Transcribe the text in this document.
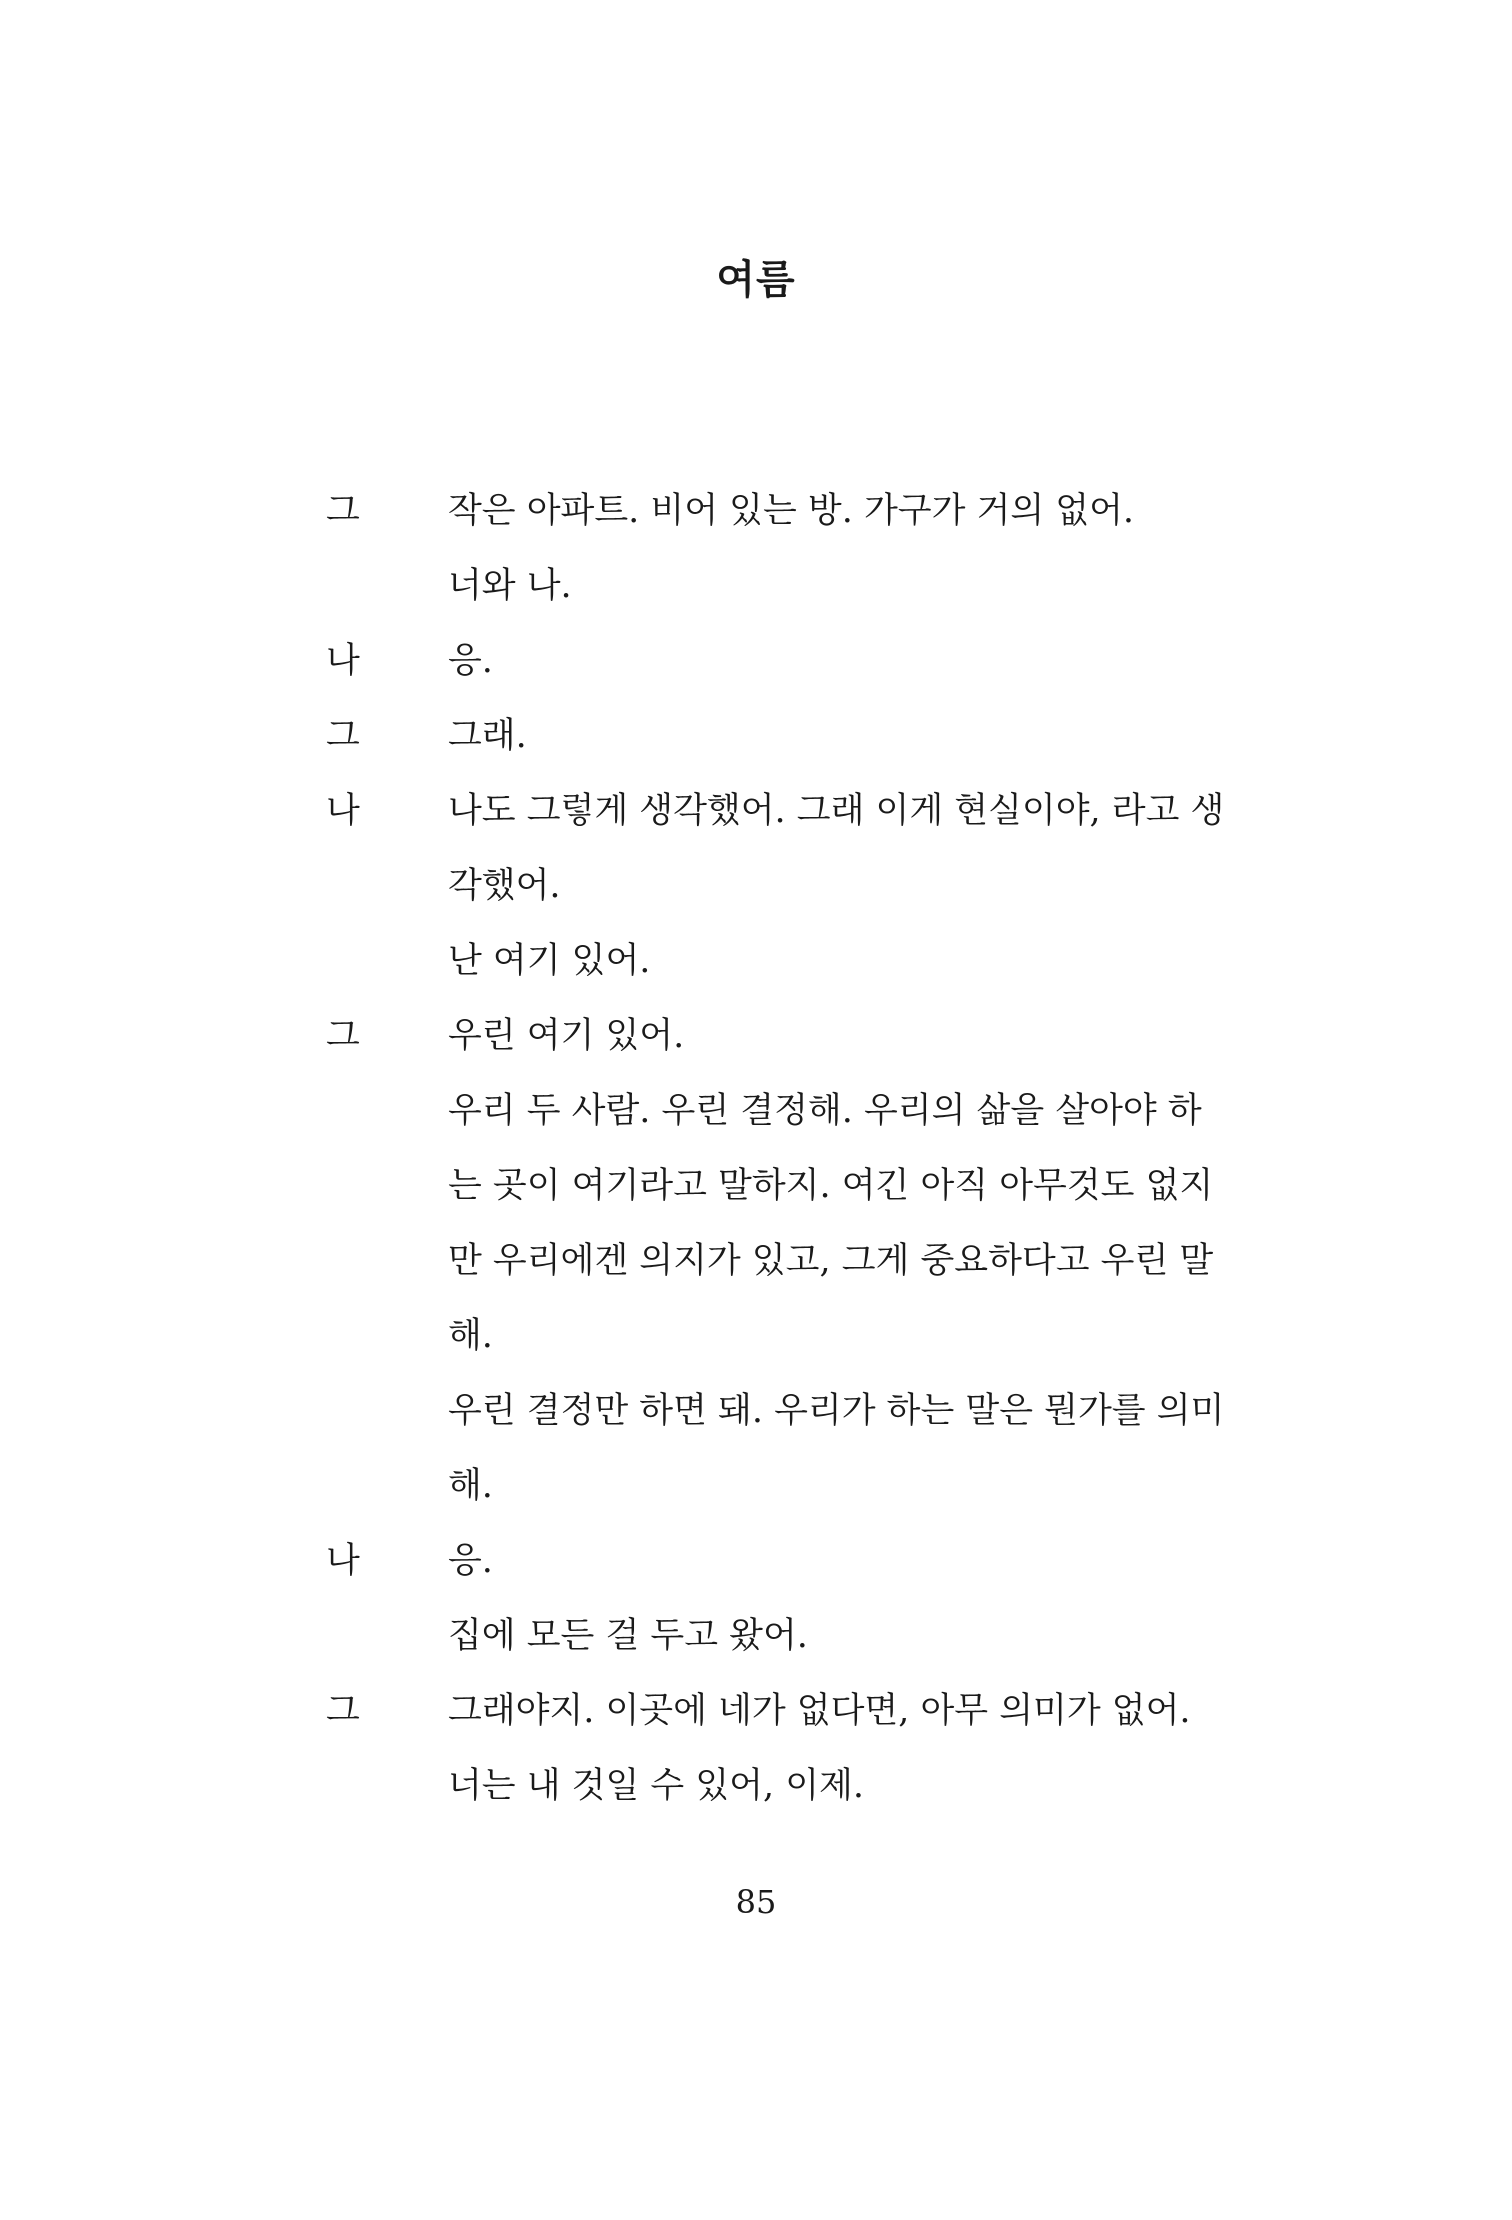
여름
그	작은 아파트. 비어 있는 방. 가구가 거의 없어.
너와 나.
나	응.
그	그래.
나	나도 그렇게 생각했어. 그래 이게 현실이야, 라고 생
각했어.
난 여기 있어.
그	우린 여기 있어.
우리 두 사람. 우린 결정해. 우리의 삶을 살아야 하
는 곳이 여기라고 말하지. 여긴 아직 아무것도 없지
만 우리에겐 의지가 있고, 그게 중요하다고 우린 말
해.
우린 결정만 하면 돼. 우리가 하는 말은 뭔가를 의미
해.
나	응.
집에 모든 걸 두고 왔어.
그	그래야지. 이곳에 네가 없다면, 아무 의미가 없어.
너는 내 것일 수 있어, 이제.
85
